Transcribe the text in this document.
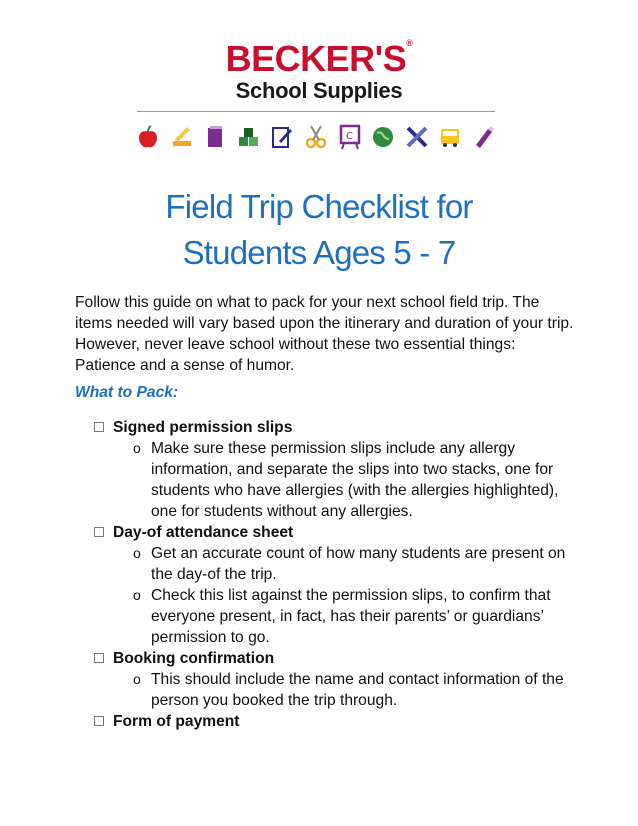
BECKER'S®
School Supplies
C
Field Trip Checklist for
Students Ages 5 - 7
Follow this guide on what to pack for your next school field trip. The items needed will vary based upon the itinerary and duration of your trip. However, never leave school without these two essential things: Patience and a sense of humor.
What to Pack:
Signed permission slips
o Make sure these permission slips include any allergy information, and separate the slips into two stacks, one for students who have allergies (with the allergies highlighted), one for students without any allergies.
Day-of attendance sheet
o Get an accurate count of how many students are present on the day-of the trip.
o Check this list against the permission slips, to confirm that everyone present, in fact, has their parents’ or guardians’ permission to go.
Booking confirmation
o This should include the name and contact information of the person you booked the trip through.
Form of payment
